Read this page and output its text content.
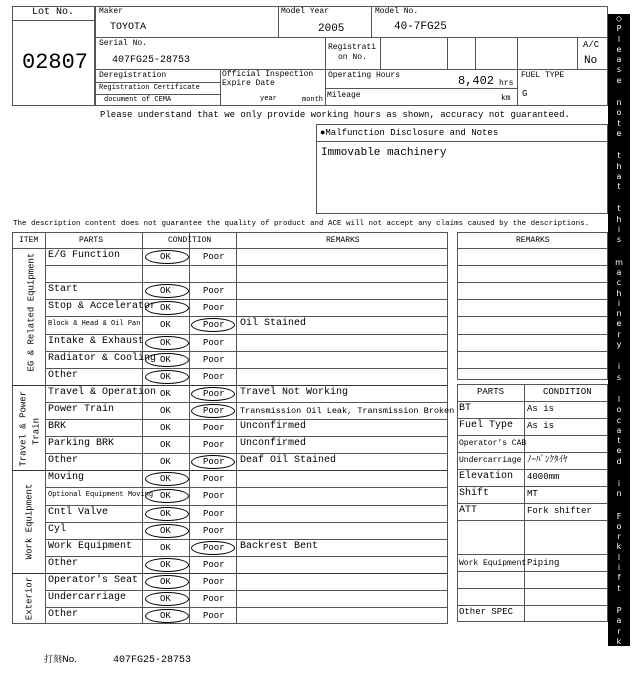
Lot No.
02807
Maker
TOYOTA
Model Year
2005
Model No.
40-7FG25
Serial No.
407FG25-28753
Registrati
on No.
A/C
No
Deregistration
Registration Certificate
document of CEMA
Official Inspection
Expire Date
year	month
Operating Hours	8,402 hrs
Mileage	km
FUEL TYPE
G
Please understand that we only provide working hours as shown, accuracy not guaranteed.
●Malfunction Disclosure and Notes
Immovable machinery
The description content does not guarantee the quality of product and ACE will not accept any claims caused by the descriptions.
E/G Function	OK	Poor
Start	OK	Poor
Stop & Accelerator OK	Poor
Block & Head & Oil Pan OK	Poor Oil Stained
Intake & Exhaust OK	Poor
Radiator & Cooling OK	Poor
Other	OK	Poor
Travel & Operation OK	Poor Travel Not Working
Power Train	OK	Poor Transmission Oil Leak, Transmission Broken
BRK	OK	Poor Unconfirmed
Parking BRK	OK	Poor Unconfirmed
Other	OK	Poor Deaf Oil Stained
Moving	OK	Poor
Optional Equipment Moving OK	Poor
Cntl Valve	OK	Poor
Cyl	OK	Poor
Work Equipment	OK	Poor Backrest Bent
Other	OK	Poor
Operator's Seat OK	Poor
Undercarriage	OK	Poor
Other	OK	Poor
ITEM	PARTS	CONDITION	REMARKS
EG & Related Equipment
Travel & Power Train
Work Equipment
Exterior
REMARKS
PARTS	CONDITION
BT	As is
Fuel Type As is
Operator's CAB
Undercarriage ﾉｰﾊﾟﾝｸﾀｲﾔ
Elevation 4000mm
Shift	MT
ATT	Fork shifter
Work Equipment Piping
Other SPEC
◇
P
l
e
a
s
e

n
o
t
e

t
h
a
t

t
h
i
s

m
a
c
h
i
n
e
r
y

i
s

l
o
c
a
t
e
d

i
n

F
o
r
k
l
i
f
t

P
a
r
k
i
n
g
◇
打刻No.	407FG25-28753
